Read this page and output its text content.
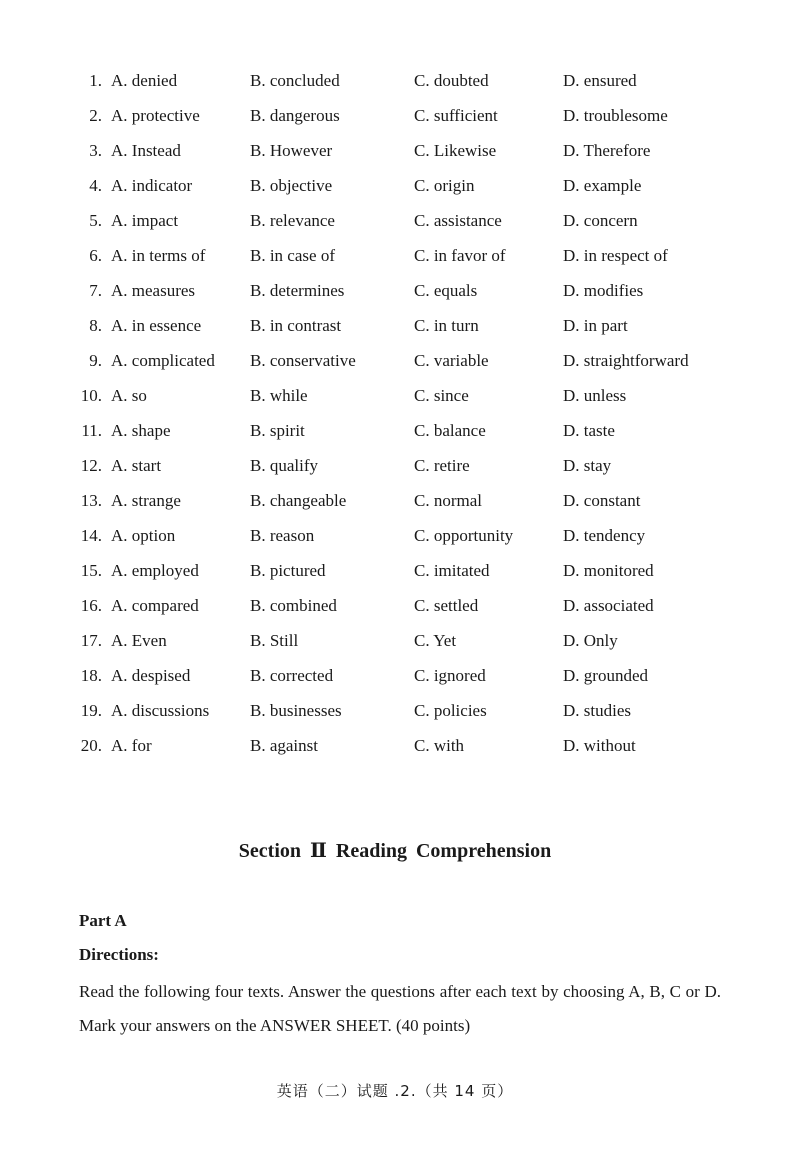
1. A. denied	B. concluded	C. doubted	D. ensured
2. A. protective	B. dangerous	C. sufficient	D. troublesome
3. A. Instead	B. However	C. Likewise	D. Therefore
4. A. indicator	B. objective	C. origin	D. example
5. A. impact	B. relevance	C. assistance	D. concern
6. A. in terms of	B. in case of	C. in favor of	D. in respect of
7. A. measures	B. determines	C. equals	D. modifies
8. A. in essence	B. in contrast	C. in turn	D. in part
9. A. complicated B. conservative	C. variable	D. straightforward
10. A. so	B. while	C. since	D. unless
11. A. shape	B. spirit	C. balance	D. taste
12. A. start	B. qualify	C. retire	D. stay
13. A. strange	B. changeable	C. normal	D. constant
14. A. option	B. reason	C. opportunity	D. tendency
15. A. employed	B. pictured	C. imitated	D. monitored
16. A. compared	B. combined	C. settled	D. associated
17. A. Even	B. Still	C. Yet	D. Only
18. A. despised	B. corrected	C. ignored	D. grounded
19. A. discussions B. businesses	C. policies	D. studies
20. A. for	B. against	C. with	D. without
Section Ⅱ Reading Comprehension
Part A
Directions:
Read the following four texts. Answer the questions after each text by choosing A, B, C or D. Mark your answers on the ANSWER SHEET. (40 points)
英语（二）试题 .2.（共 14 页）
